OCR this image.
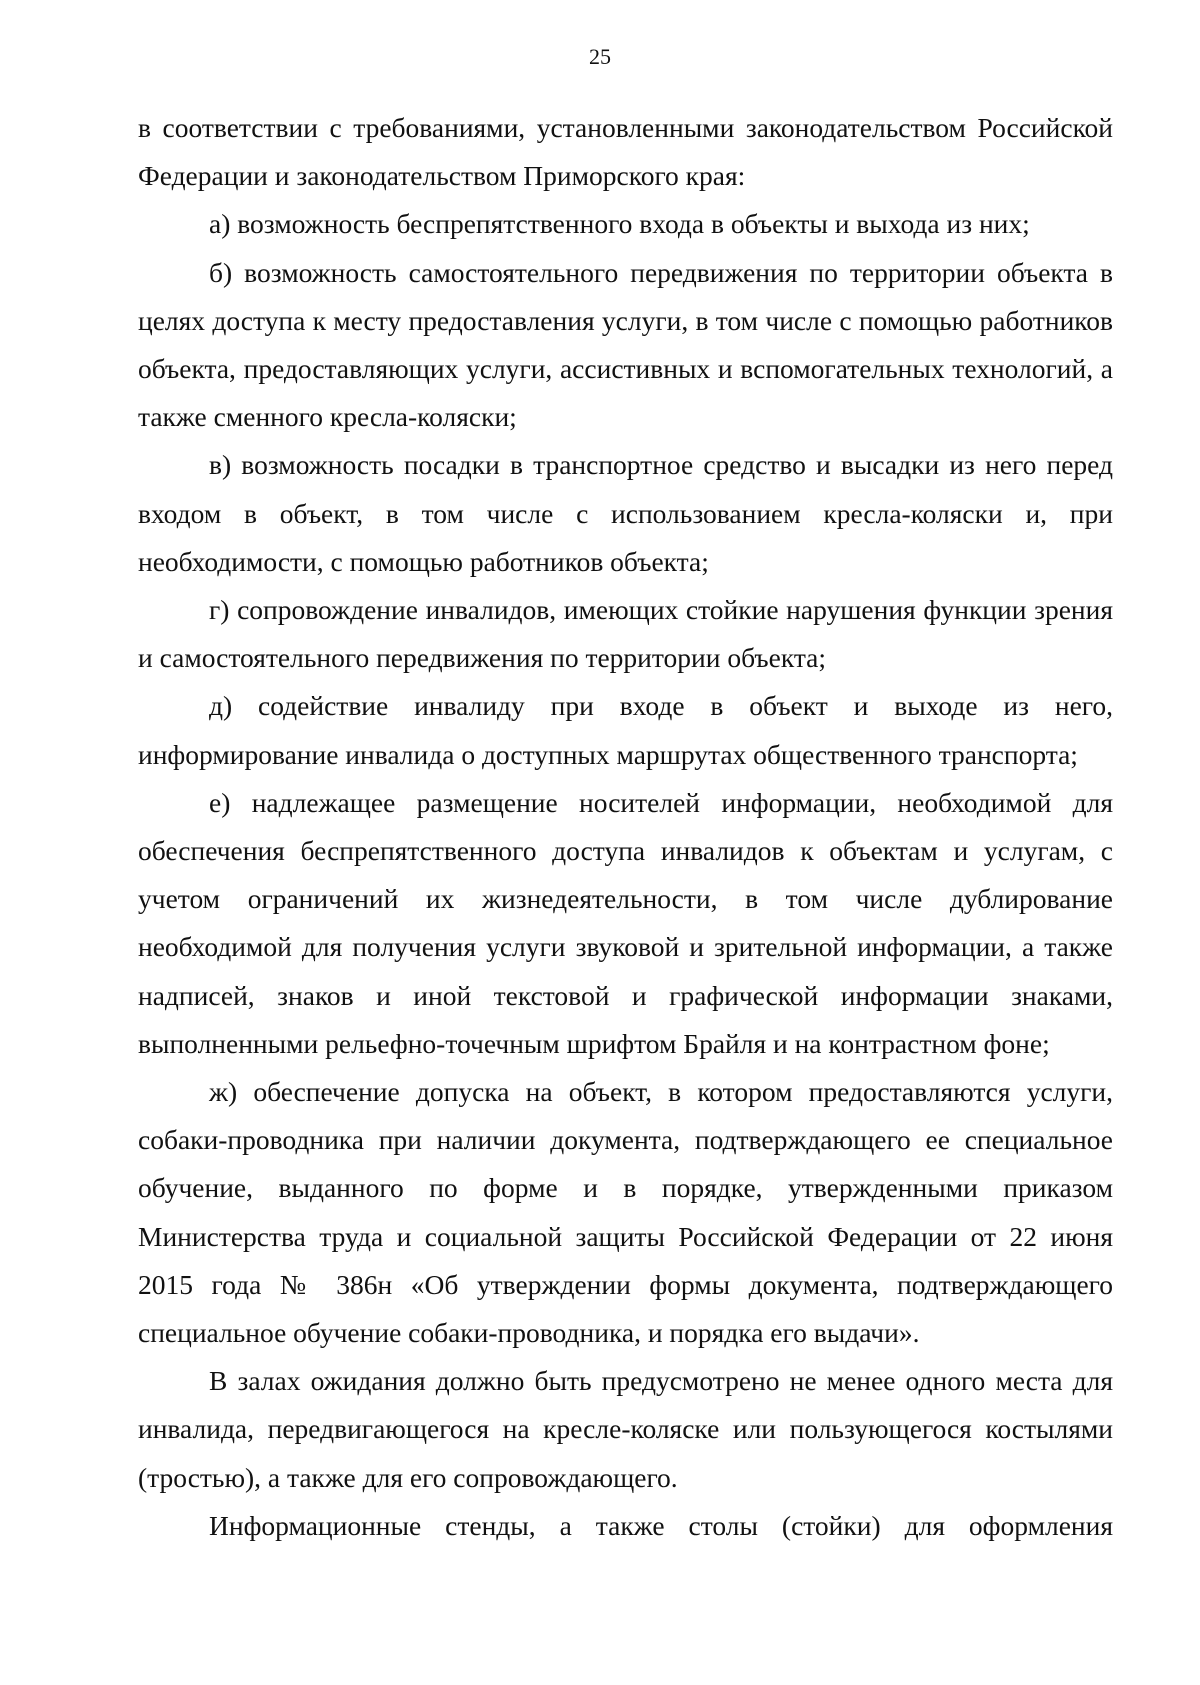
25

в соответствии с требованиями, установленными законодательством Российской Федерации и законодательством Приморского края:

а) возможность беспрепятственного входа в объекты и выхода из них;

б) возможность самостоятельного передвижения по территории объекта в целях доступа к месту предоставления услуги, в том числе с помощью работников объекта, предоставляющих услуги, ассистивных и вспомогательных технологий, а также сменного кресла-коляски;

в) возможность посадки в транспортное средство и высадки из него перед входом в объект, в том числе с использованием кресла-коляски и, при необходимости, с помощью работников объекта;

г) сопровождение инвалидов, имеющих стойкие нарушения функции зрения и самостоятельного передвижения по территории объекта;

д) содействие инвалиду при входе в объект и выходе из него, информирование инвалида о доступных маршрутах общественного транспорта;

е) надлежащее размещение носителей информации, необходимой для обеспечения беспрепятственного доступа инвалидов к объектам и услугам, с учетом ограничений их жизнедеятельности, в том числе дублирование необходимой для получения услуги звуковой и зрительной информации, а также надписей, знаков и иной текстовой и графической информации знаками, выполненными рельефно-точечным шрифтом Брайля и на контрастном фоне;

ж) обеспечение допуска на объект, в котором предоставляются услуги, собаки-проводника при наличии документа, подтверждающего ее специальное обучение, выданного по форме и в порядке, утвержденными приказом Министерства труда и социальной защиты Российской Федерации от 22 июня 2015 года № 386н «Об утверждении формы документа, подтверждающего специальное обучение собаки-проводника, и порядка его выдачи».

В залах ожидания должно быть предусмотрено не менее одного места для инвалида, передвигающегося на кресле-коляске или пользующегося костылями (тростью), а также для его сопровождающего.

Информационные стенды, а также столы (стойки) для оформления
